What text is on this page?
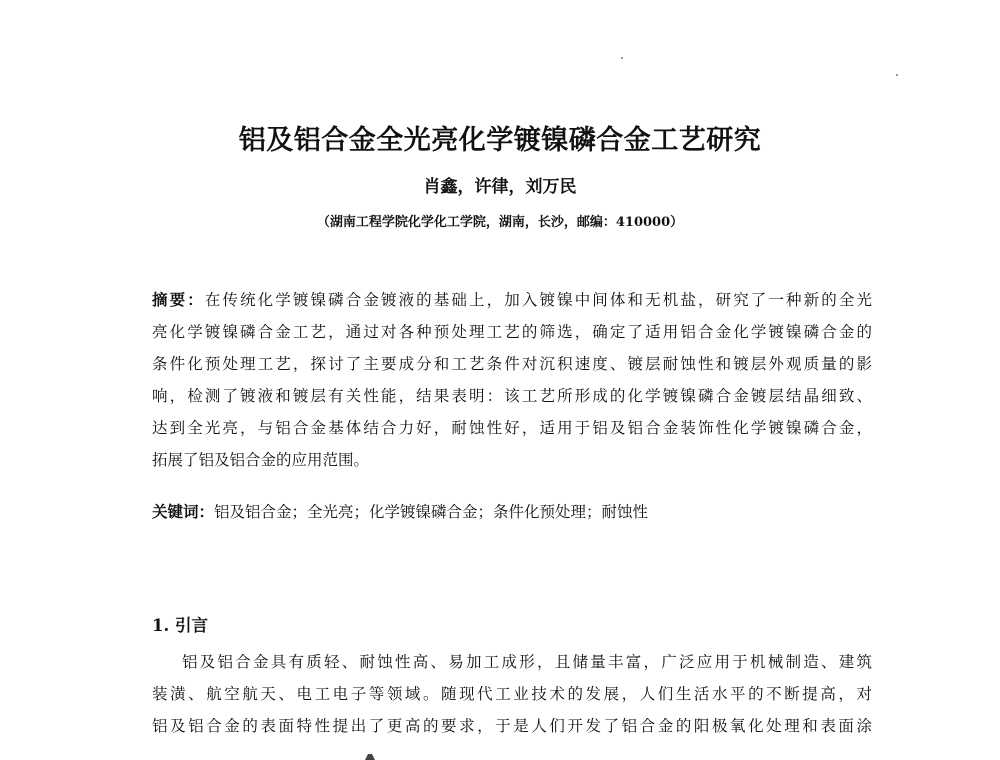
铝及铝合金全光亮化学镀镍磷合金工艺研究
肖鑫，许律，刘万民
（湖南工程学院化学化工学院，湖南，长沙，邮编：410000）
摘要：在传统化学镀镍磷合金镀液的基础上，加入镀镍中间体和无机盐，研究了一种新的全光
亮化学镀镍磷合金工艺，通过对各种预处理工艺的筛选，确定了适用铝合金化学镀镍磷合金的
条件化预处理工艺，探讨了主要成分和工艺条件对沉积速度、镀层耐蚀性和镀层外观质量的影
响，检测了镀液和镀层有关性能，结果表明：该工艺所形成的化学镀镍磷合金镀层结晶细致、
达到全光亮，与铝合金基体结合力好，耐蚀性好，适用于铝及铝合金装饰性化学镀镍磷合金，
拓展了铝及铝合金的应用范围。
关键词：铝及铝合金；全光亮；化学镀镍磷合金；条件化预处理；耐蚀性
1. 引言
铝及铝合金具有质轻、耐蚀性高、易加工成形，且储量丰富，广泛应用于机械制造、建筑
装潢、航空航天、电工电子等领域。随现代工业技术的发展，人们生活水平的不断提高，对
铝及铝合金的表面特性提出了更高的要求，于是人们开发了铝合金的阳极氧化处理和表面涂
